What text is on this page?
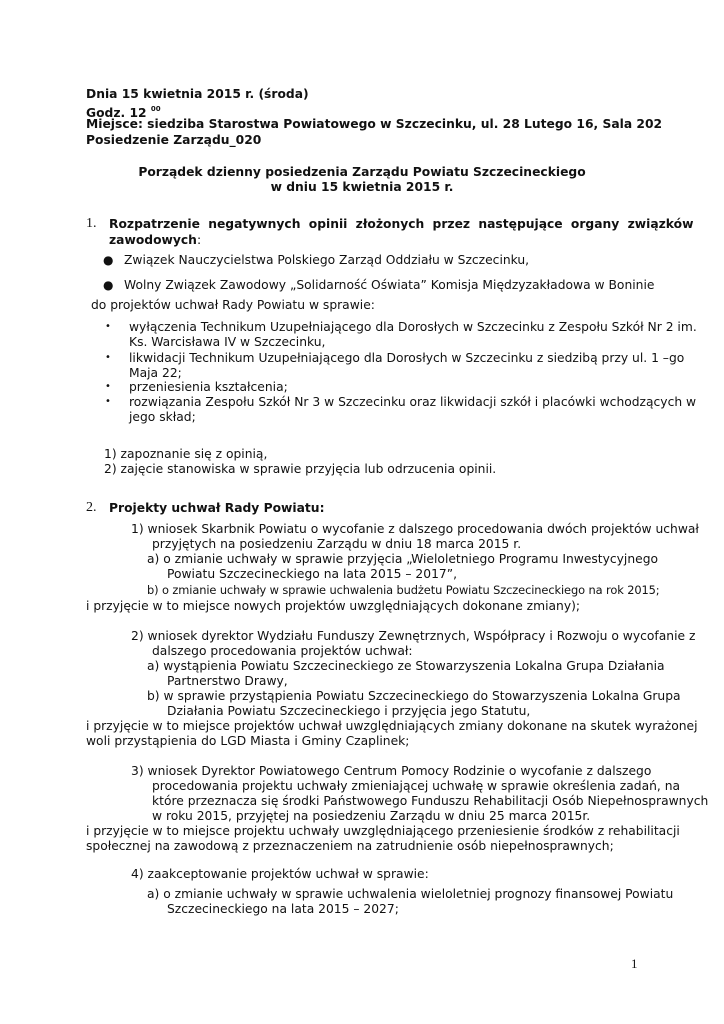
Dnia 15 kwietnia 2015 r. (środa)
Godz. 12 $^{00}$
Miejsce: siedziba Starostwa Powiatowego w Szczecinku, ul. 28 Lutego 16, Sala 202
Posiedzenie Zarządu_020
Porządek dzienny posiedzenia Zarządu Powiatu Szczecineckiego
w dniu 15 kwietnia 2015 r.
1. Rozpatrzenie negatywnych opinii złożonych przez następujące organy związków
zawodowych:
● Związek Nauczycielstwa Polskiego Zarząd Oddziału w Szczecinku,
● Wolny Związek Zawodowy „Solidarność Oświata” Komisja Międzyzakładowa w Boninie
do projektów uchwał Rady Powiatu w sprawie:
• wyłączenia Technikum Uzupełniającego dla Dorosłych w Szczecinku z Zespołu Szkół Nr 2 im.
Ks. Warcisława IV w Szczecinku,
• likwidacji Technikum Uzupełniającego dla Dorosłych w Szczecinku z siedzibą przy ul. 1 –go
Maja 22;
• przeniesienia kształcenia;
• rozwiązania Zespołu Szkół Nr 3 w Szczecinku oraz likwidacji szkół i placówki wchodzących w
jego skład;
1) zapoznanie się z opinią,
2) zajęcie stanowiska w sprawie przyjęcia lub odrzucenia opinii.
2. Projekty uchwał Rady Powiatu:
1) wniosek Skarbnik Powiatu o wycofanie z dalszego procedowania dwóch projektów uchwał
przyjętych na posiedzeniu Zarządu w dniu 18 marca 2015 r.
a) o zmianie uchwały w sprawie przyjęcia „Wieloletniego Programu Inwestycyjnego
Powiatu Szczecineckiego na lata 2015 – 2017”,
b) o zmianie uchwały w sprawie uchwalenia budżetu Powiatu Szczecineckiego na rok 2015;
i przyjęcie w to miejsce nowych projektów uwzględniających dokonane zmiany);
2) wniosek dyrektor Wydziału Funduszy Zewnętrznych, Współpracy i Rozwoju o wycofanie z
dalszego procedowania projektów uchwał:
a) wystąpienia Powiatu Szczecineckiego ze Stowarzyszenia Lokalna Grupa Działania
Partnerstwo Drawy,
b) w sprawie przystąpienia Powiatu Szczecineckiego do Stowarzyszenia Lokalna Grupa
Działania Powiatu Szczecineckiego i przyjęcia jego Statutu,
i przyjęcie w to miejsce projektów uchwał uwzględniających zmiany dokonane na skutek wyrażonej
woli przystąpienia do LGD Miasta i Gminy Czaplinek;
3) wniosek Dyrektor Powiatowego Centrum Pomocy Rodzinie o wycofanie z dalszego
procedowania projektu uchwały zmieniającej uchwałę w sprawie określenia zadań, na
które przeznacza się środki Państwowego Funduszu Rehabilitacji Osób Niepełnosprawnych
w roku 2015, przyjętej na posiedzeniu Zarządu w dniu 25 marca 2015r.
i przyjęcie w to miejsce projektu uchwały uwzględniającego przeniesienie środków z rehabilitacji
społecznej na zawodową z przeznaczeniem na zatrudnienie osób niepełnosprawnych;
4) zaakceptowanie projektów uchwał w sprawie:
a) o zmianie uchwały w sprawie uchwalenia wieloletniej prognozy finansowej Powiatu
Szczecineckiego na lata 2015 – 2027;
1
